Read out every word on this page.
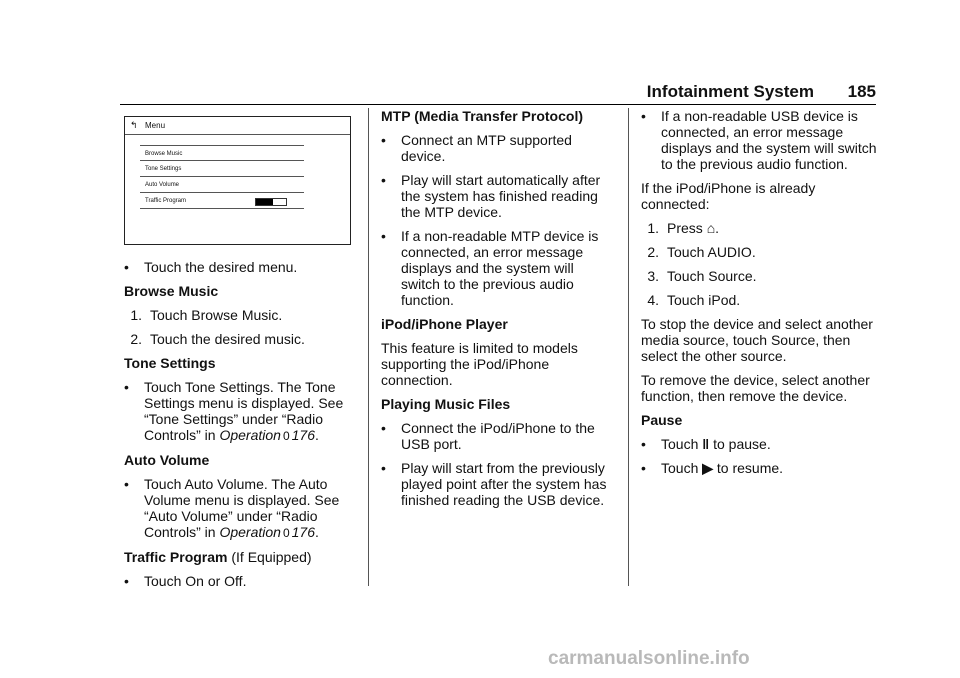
Infotainment System 185
↰ Menu
Browse Music
Tone Settings
Auto Volume
Traffic Program
•	Touch the desired menu.
Browse Music
1. Touch Browse Music.
2. Touch the desired music.
Tone Settings
•	Touch Tone Settings. The Tone Settings menu is displayed. See “Tone Settings” under “Radio Controls” in Operation 0 176.
Auto Volume
•	Touch Auto Volume. The Auto Volume menu is displayed. See “Auto Volume” under “Radio Controls” in Operation 0 176.

Traffic Program (If Equipped)

•	Touch On or Off.
MTP (Media Transfer Protocol)
•	Connect an MTP supported device.
•	Play will start automatically after the system has finished reading the MTP device.
•	If a non-readable MTP device is connected, an error message displays and the system will switch to the previous audio function.
iPod/iPhone Player

This feature is limited to models supporting the iPod/iPhone connection.

Playing Music Files
•	Connect the iPod/iPhone to the USB port.
•	Play will start from the previously played point after the system has finished reading the USB device.
•	If a non-readable USB device is connected, an error message displays and the system will switch to the previous audio function.

If the iPod/iPhone is already connected:

1. Press ⌂.
2. Touch AUDIO.
3. Touch Source.
4. Touch iPod.

To stop the device and select another media source, touch Source, then select the other source.

To remove the device, select another function, then remove the device.

Pause
•	Touch ‖ to pause.
•	Touch ▶ to resume.
carmanualsonline.info
